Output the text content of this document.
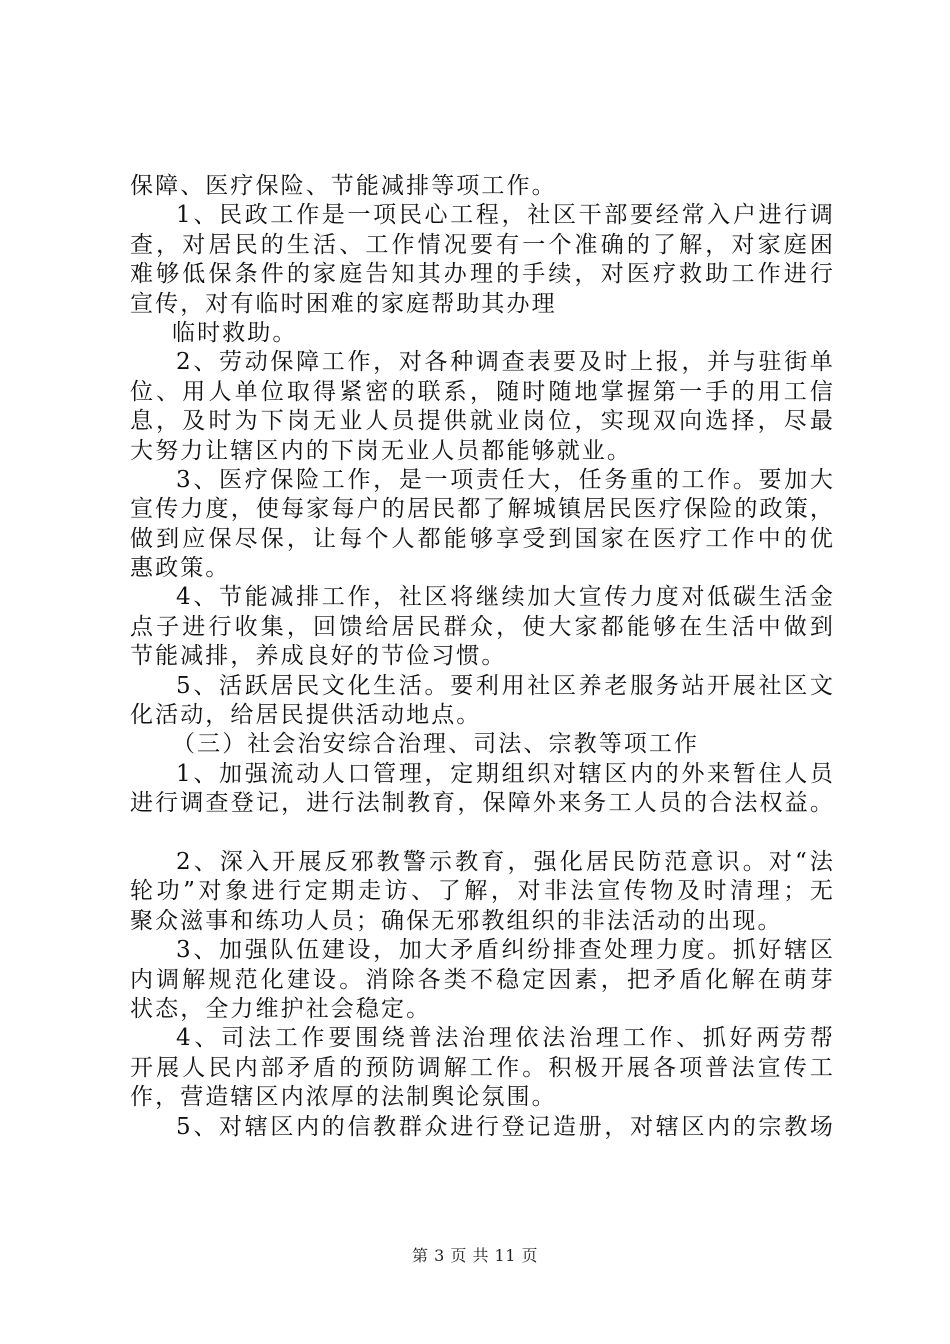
保障、医疗保险、节能减排等项工作。
1、民政工作是一项民心工程，社区干部要经常入户进行调
查，对居民的生活、工作情况要有一个准确的了解，对家庭困
难够低保条件的家庭告知其办理的手续，对医疗救助工作进行
宣传，对有临时困难的家庭帮助其办理
临时救助。
2、劳动保障工作，对各种调查表要及时上报，并与驻街单
位、用人单位取得紧密的联系，随时随地掌握第一手的用工信
息，及时为下岗无业人员提供就业岗位，实现双向选择，尽最
大努力让辖区内的下岗无业人员都能够就业。
3、医疗保险工作，是一项责任大，任务重的工作。要加大
宣传力度，使每家每户的居民都了解城镇居民医疗保险的政策，
做到应保尽保，让每个人都能够享受到国家在医疗工作中的优
惠政策。
4、节能减排工作，社区将继续加大宣传力度对低碳生活金
点子进行收集，回馈给居民群众，使大家都能够在生活中做到
节能减排，养成良好的节俭习惯。
5、活跃居民文化生活。要利用社区养老服务站开展社区文
化活动，给居民提供活动地点。
（三）社会治安综合治理、司法、宗教等项工作
1、加强流动人口管理，定期组织对辖区内的外来暂住人员
进行调查登记，进行法制教育，保障外来务工人员的合法权益。
2、深入开展反邪教警示教育，强化居民防范意识。对“法
轮功”对象进行定期走访、了解，对非法宣传物及时清理；无
聚众滋事和练功人员；确保无邪教组织的非法活动的出现。
3、加强队伍建设，加大矛盾纠纷排查处理力度。抓好辖区
内调解规范化建设。消除各类不稳定因素，把矛盾化解在萌芽
状态，全力维护社会稳定。
4、司法工作要围绕普法治理依法治理工作、抓好两劳帮
开展人民内部矛盾的预防调解工作。积极开展各项普法宣传工
作，营造辖区内浓厚的法制舆论氛围。
5、对辖区内的信教群众进行登记造册，对辖区内的宗教场
第 3 页 共 11 页
